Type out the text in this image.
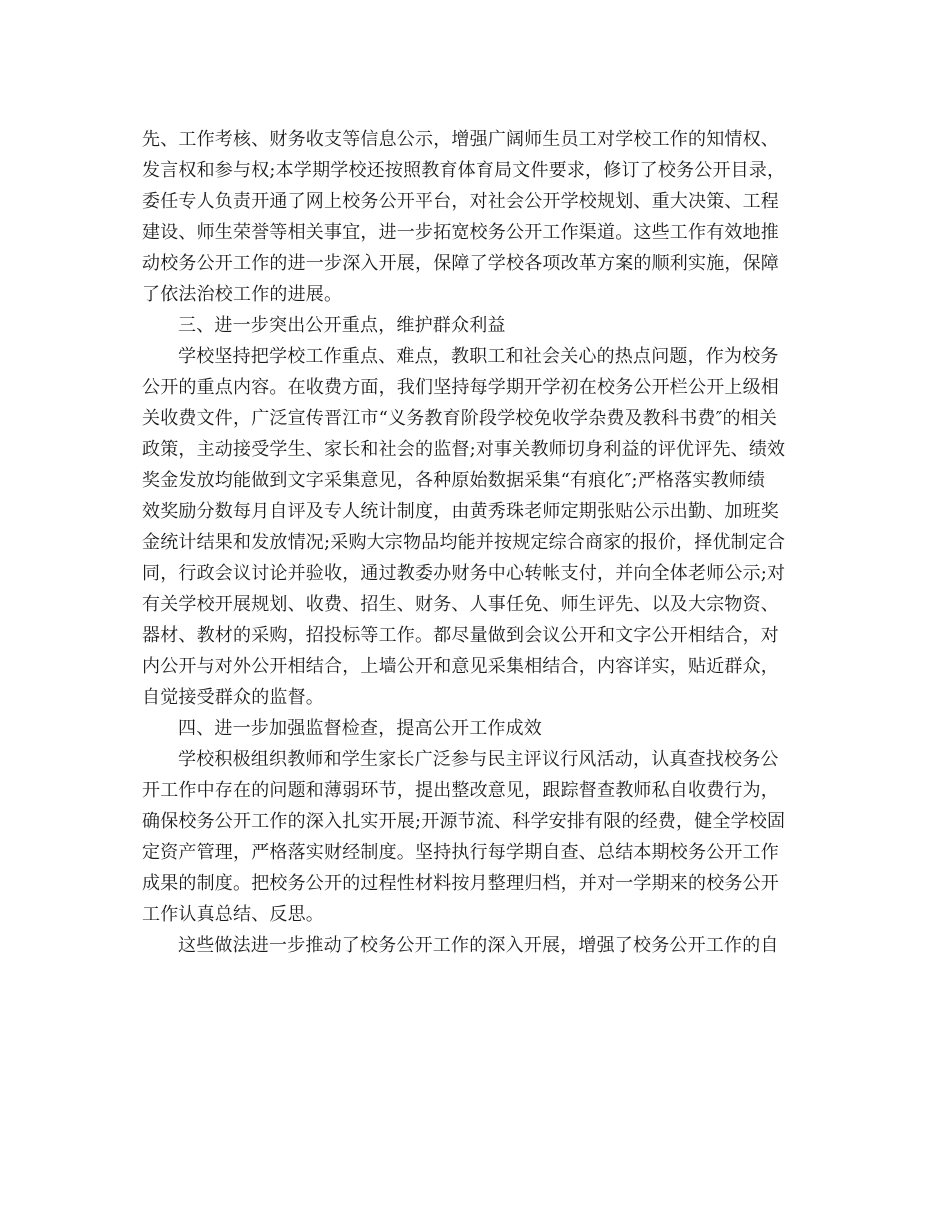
先、工作考核、财务收支等信息公示，增强广阔师生员工对学校工作的知情权、
发言权和参与权;本学期学校还按照教育体育局文件要求，修订了校务公开目录，
委任专人负责开通了网上校务公开平台，对社会公开学校规划、重大决策、工程
建设、师生荣誉等相关事宜，进一步拓宽校务公开工作渠道。这些工作有效地推
动校务公开工作的进一步深入开展，保障了学校各项改革方案的顺利实施，保障
了依法治校工作的进展。
三、进一步突出公开重点，维护群众利益
学校坚持把学校工作重点、难点，教职工和社会关心的热点问题，作为校务
公开的重点内容。在收费方面，我们坚持每学期开学初在校务公开栏公开上级相
关收费文件，广泛宣传晋江市“义务教育阶段学校免收学杂费及教科书费″的相关
政策，主动接受学生、家长和社会的监督;对事关教师切身利益的评优评先、绩效
奖金发放均能做到文字采集意见，各种原始数据采集“有痕化″;严格落实教师绩
效奖励分数每月自评及专人统计制度，由黄秀珠老师定期张贴公示出勤、加班奖
金统计结果和发放情况;采购大宗物品均能并按规定综合商家的报价，择优制定合
同，行政会议讨论并验收，通过教委办财务中心转帐支付，并向全体老师公示;对
有关学校开展规划、收费、招生、财务、人事任免、师生评先、以及大宗物资、
器材、教材的采购，招投标等工作。都尽量做到会议公开和文字公开相结合，对
内公开与对外公开相结合，上墙公开和意见采集相结合，内容详实，贴近群众，
自觉接受群众的监督。
四、进一步加强监督检查，提高公开工作成效
学校积极组织教师和学生家长广泛参与民主评议行风活动，认真查找校务公
开工作中存在的问题和薄弱环节，提出整改意见，跟踪督查教师私自收费行为，
确保校务公开工作的深入扎实开展;开源节流、科学安排有限的经费，健全学校固
定资产管理，严格落实财经制度。坚持执行每学期自查、总结本期校务公开工作
成果的制度。把校务公开的过程性材料按月整理归档，并对一学期来的校务公开
工作认真总结、反思。
这些做法进一步推动了校务公开工作的深入开展，增强了校务公开工作的自
